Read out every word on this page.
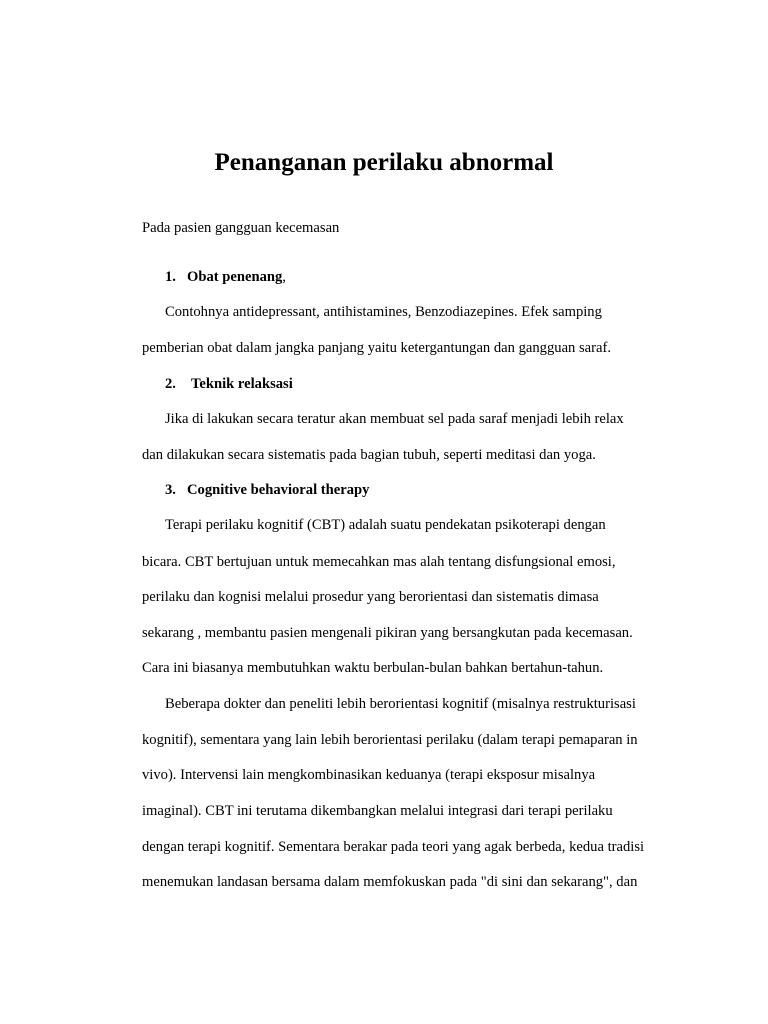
Penanganan perilaku abnormal

Pada pasien gangguan kecemasan

1. Obat penenang,

Contohnya antidepressant, antihistamines, Benzodiazepines. Efek samping

pemberian obat dalam jangka panjang yaitu ketergantungan dan gangguan saraf.

2. Teknik relaksasi

Jika di lakukan secara teratur akan membuat sel pada saraf menjadi lebih relax

dan dilakukan secara sistematis pada bagian tubuh, seperti meditasi dan yoga.

3. Cognitive behavioral therapy

Terapi perilaku kognitif (CBT) adalah suatu pendekatan psikoterapi dengan

bicara. CBT bertujuan untuk memecahkan mas alah tentang disfungsional emosi,

perilaku dan kognisi melalui prosedur yang berorientasi dan sistematis dimasa

sekarang , membantu pasien mengenali pikiran yang bersangkutan pada kecemasan.

Cara ini biasanya membutuhkan waktu berbulan-bulan bahkan bertahun-tahun.

Beberapa dokter dan peneliti lebih berorientasi kognitif (misalnya restrukturisasi

kognitif), sementara yang lain lebih berorientasi perilaku (dalam terapi pemaparan in

vivo). Intervensi lain mengkombinasikan keduanya (terapi eksposur misalnya

imaginal). CBT ini terutama dikembangkan melalui integrasi dari terapi perilaku

dengan terapi kognitif. Sementara berakar pada teori yang agak berbeda, kedua tradisi

menemukan landasan bersama dalam memfokuskan pada "di sini dan sekarang", dan
